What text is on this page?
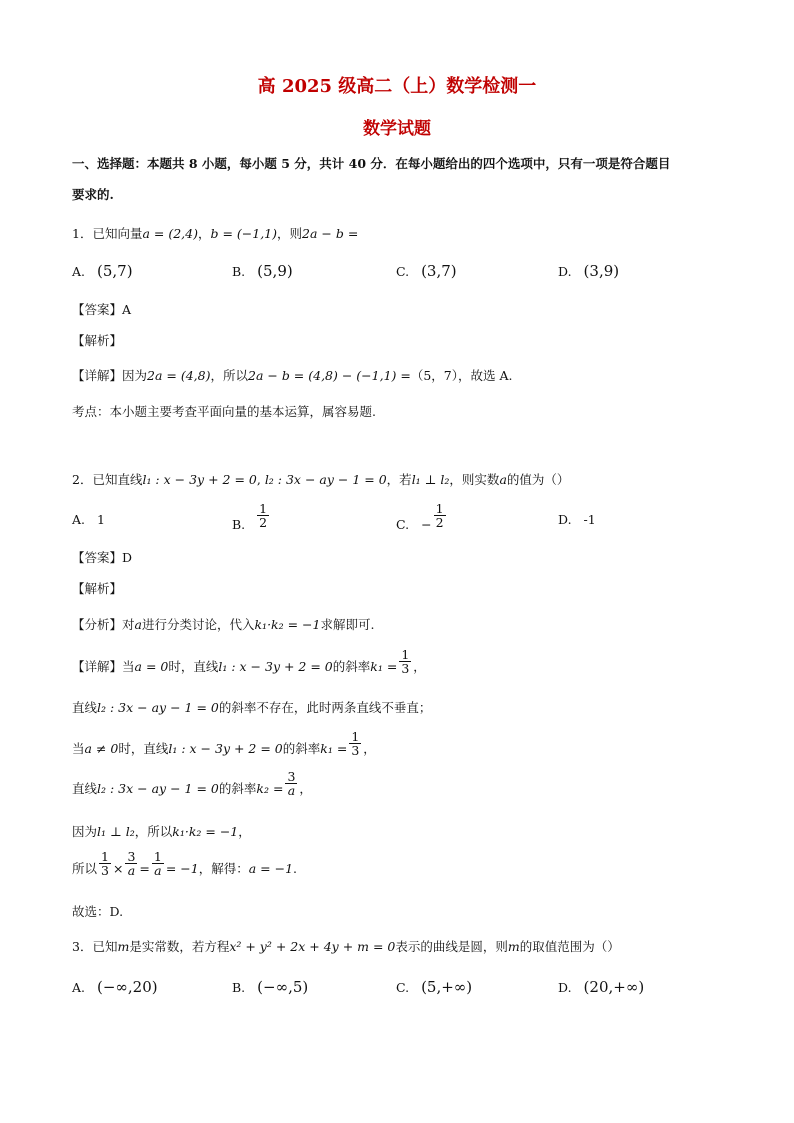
高 2025 级高二（上）数学检测一
数学试题
一、选择题：本题共 8 小题，每小题 5 分，共计 40 分．在每小题给出的四个选项中，只有一项是符合题目
要求的.
1．已知向量a = (2,4)，b = (−1,1)，则2a − b =
A. (5,7)	B. (5,9)	C. (3,7)	D. (3,9)
【答案】A
【解析】
【详解】因为2a = (4,8)，所以2a − b = (4,8) − (−1,1) =（5，7），故选 A.
考点：本小题主要考查平面向量的基本运算，属容易题.
2．已知直线l₁ : x − 3y + 2 = 0, l₂ : 3x − ay − 1 = 0，若l₁ ⊥ l₂，则实数a的值为（）
A. 1	B. $\frac{1}{2}$	C. − $\frac{1}{2}$	D. -1
【答案】D
【解析】
【分析】对a进行分类讨论，代入k₁·k₂ = −1求解即可.
【详解】当a = 0时，直线l₁ : x − 3y + 2 = 0的斜率$k_1 = \frac{1}{3}$ ，
直线l₂ : 3x − ay − 1 = 0的斜率不存在，此时两条直线不垂直；
当a ≠ 0时，直线l₁ : x − 3y + 2 = 0的斜率$k_1 = \frac{1}{3}$ ，
直线l₂ : 3x − ay − 1 = 0的斜率$k_2 = \frac{3}{a}$ ，
因为l₁ ⊥ l₂，所以k₁·k₂ = −1，
所以 $\frac{1}{3} \times \frac{3}{a} = \frac{1}{a} = -1$，解得：a = −1.
故选：D.
3．已知m是实常数，若方程x² + y² + 2x + 4y + m = 0表示的曲线是圆，则m的取值范围为（）
A. (−∞,20)	B. (−∞,5)	C. (5,+∞)	D. (20,+∞)
